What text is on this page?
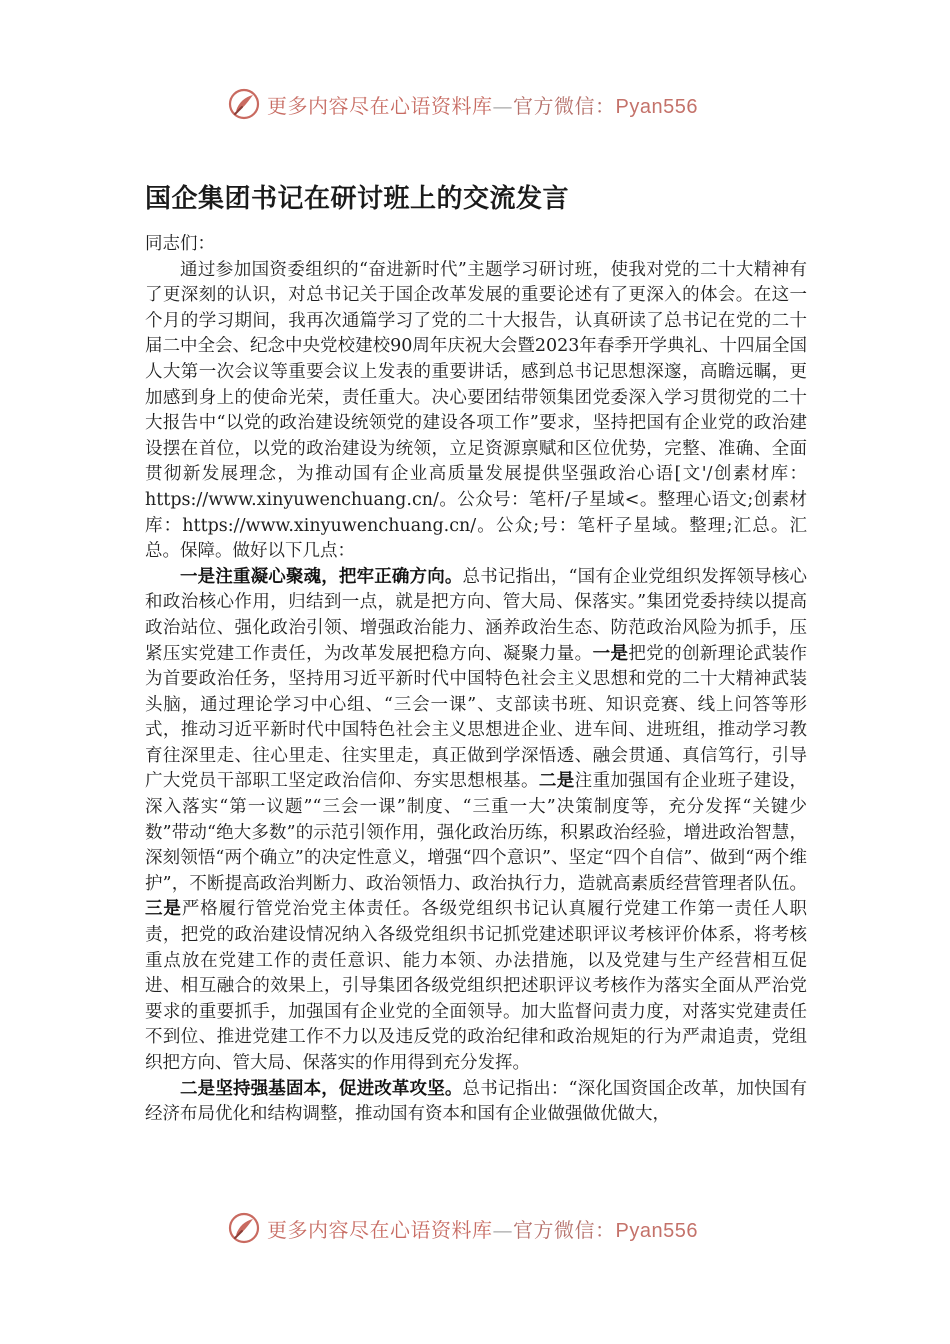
更多内容尽在心语资料库—官方微信：Pyan556
国企集团书记在研讨班上的交流发言

同志们：

通过参加国资委组织的“奋进新时代”主题学习研讨班，使我对党的二十大精神有了更深刻的认识，对总书记关于国企改革发展的重要论述有了更深入的体会。在这一个月的学习期间，我再次通篇学习了党的二十大报告，认真研读了总书记在党的二十届二中全会、纪念中央党校建校90周年庆祝大会暨2023年春季开学典礼、十四届全国人大第一次会议等重要会议上发表的重要讲话，感到总书记思想深邃，高瞻远瞩，更加感到身上的使命光荣，责任重大。决心要团结带领集团党委深入学习贯彻党的二十大报告中“以党的政治建设统领党的建设各项工作”要求，坚持把国有企业党的政治建设摆在首位，以党的政治建设为统领，立足资源禀赋和区位优势，完整、准确、全面贯彻新发展理念，为推动国有企业高质量发展提供坚强政治心语[文'/创素材库：https://www.xinyuwenchuang.cn/。公众号：笔杆/子星域<。整理心语文;创素材库：https://www.xinyuwenchuang.cn/。公众;号：笔杆子星域。整理;汇总。汇总。保障。做好以下几点：

一是注重凝心聚魂，把牢正确方向。总书记指出，“国有企业党组织发挥领导核心和政治核心作用，归结到一点，就是把方向、管大局、保落实。”集团党委持续以提高政治站位、强化政治引领、增强政治能力、涵养政治生态、防范政治风险为抓手，压紧压实党建工作责任，为改革发展把稳方向、凝聚力量。一是把党的创新理论武装作为首要政治任务，坚持用习近平新时代中国特色社会主义思想和党的二十大精神武装头脑，通过理论学习中心组、“三会一课”、支部读书班、知识竞赛、线上问答等形式，推动习近平新时代中国特色社会主义思想进企业、进车间、进班组，推动学习教育往深里走、往心里走、往实里走，真正做到学深悟透、融会贯通、真信笃行，引导广大党员干部职工坚定政治信仰、夯实思想根基。二是注重加强国有企业班子建设，深入落实“第一议题”“三会一课”制度、“三重一大”决策制度等，充分发挥“关键少数”带动“绝大多数”的示范引领作用，强化政治历练，积累政治经验，增进政治智慧，深刻领悟“两个确立”的决定性意义，增强“四个意识”、坚定“四个自信”、做到“两个维护”，不断提高政治判断力、政治领悟力、政治执行力，造就高素质经营管理者队伍。三是严格履行管党治党主体责任。各级党组织书记认真履行党建工作第一责任人职责，把党的政治建设情况纳入各级党组织书记抓党建述职评议考核评价体系，将考核重点放在党建工作的责任意识、能力本领、办法措施，以及党建与生产经营相互促进、相互融合的效果上，引导集团各级党组织把述职评议考核作为落实全面从严治党要求的重要抓手，加强国有企业党的全面领导。加大监督问责力度，对落实党建责任不到位、推进党建工作不力以及违反党的政治纪律和政治规矩的行为严肃追责，党组织把方向、管大局、保落实的作用得到充分发挥。

二是坚持强基固本，促进改革攻坚。总书记指出：“深化国资国企改革，加快国有经济布局优化和结构调整，推动国有资本和国有企业做强做优做大，

更多内容尽在心语资料库—官方微信：Pyan556
